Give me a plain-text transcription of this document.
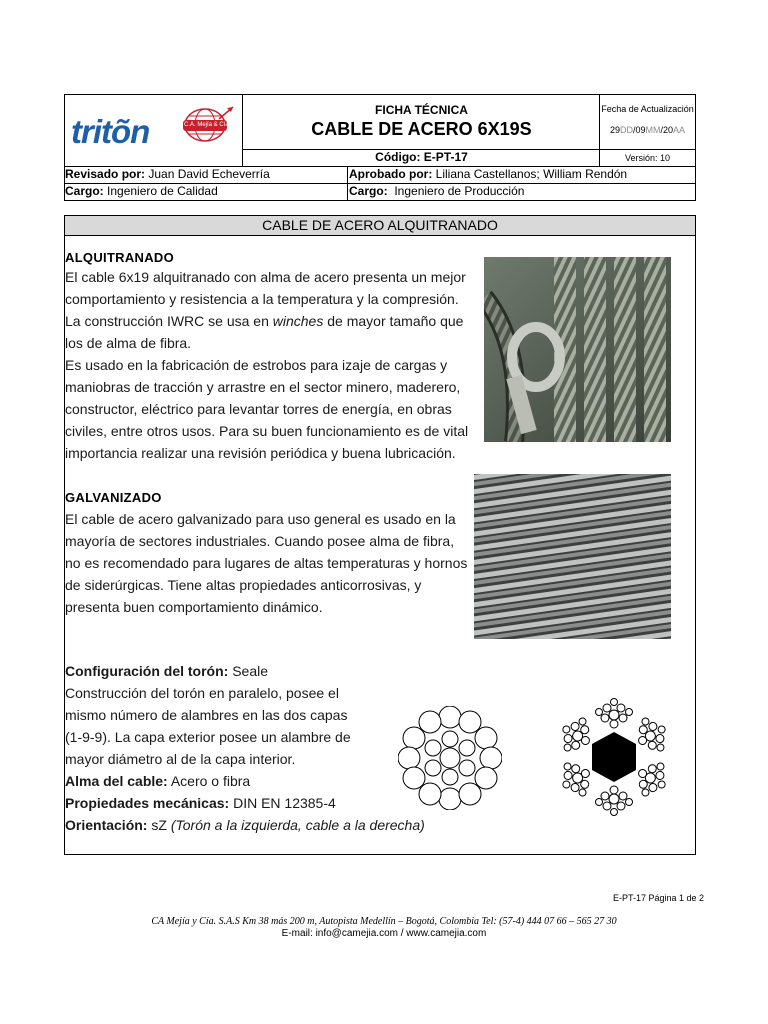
tritõn	C.A. Mejía & Cía.
FICHA TÉCNICA
CABLE DE ACERO 6X19S
Fecha de Actualización
29DD/09MM/20AA
Código: E-PT-17	Versión: 10
Revisado por: Juan David Echeverría	Aprobado por: Liliana Castellanos; William Rendón
Cargo: Ingeniero de Calidad	Cargo: Ingeniero de Producción
CABLE DE ACERO ALQUITRANADO
ALQUITRANADO
El cable 6x19 alquitranado con alma de acero presenta un mejor
comportamiento y resistencia a la temperatura y la compresión.
La construcción IWRC se usa en winches de mayor tamaño que
los de alma de fibra.
Es usado en la fabricación de estrobos para izaje de cargas y
maniobras de tracción y arrastre en el sector minero, maderero,
constructor, eléctrico para levantar torres de energía, en obras
civiles, entre otros usos. Para su buen funcionamiento es de vital
importancia realizar una revisión periódica y buena lubricación.
GALVANIZADO
El cable de acero galvanizado para uso general es usado en la
mayoría de sectores industriales. Cuando posee alma de fibra,
no es recomendado para lugares de altas temperaturas y hornos
de siderúrgicas. Tiene altas propiedades anticorrosivas, y
presenta buen comportamiento dinámico.
Configuración del torón: Seale
Construcción del torón en paralelo, posee el
mismo número de alambres en las dos capas
(1-9-9). La capa exterior posee un alambre de
mayor diámetro al de la capa interior.
Alma del cable: Acero o fibra
Propiedades mecánicas: DIN EN 12385-4
Orientación: sZ (Torón a la izquierda, cable a la derecha)
E-PT-17 Página 1 de 2
CA Mejía y Cía. S.A.S Km 38 más 200 m, Autopista Medellín – Bogotá, Colombia Tel: (57-4) 444 07 66 – 565 27 30
E-mail: info@camejia.com / www.camejia.com
